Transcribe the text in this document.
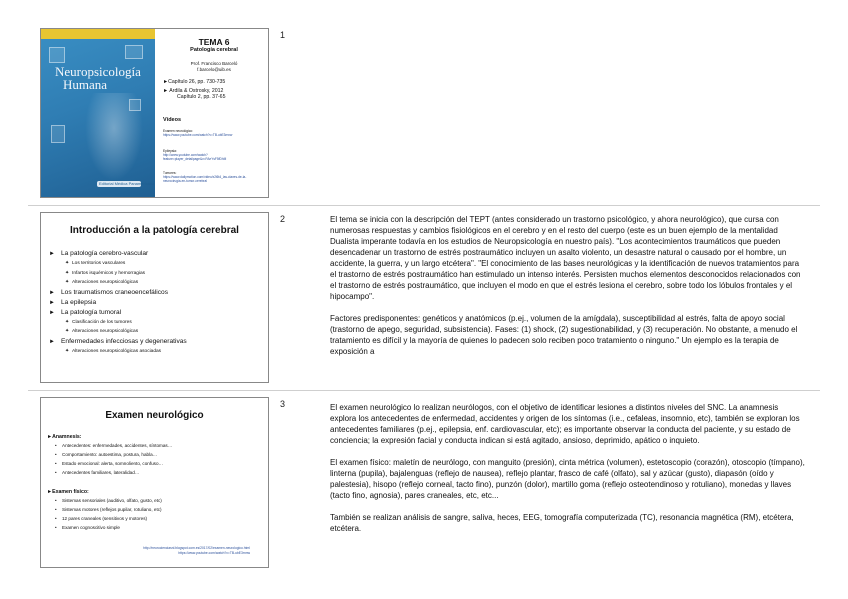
1
2
3
Neuropsicología
Humana
Editorial Médica Panamericana
TEMA 6
Patología cerebral
Prof. Francisco Barceló
f.barcelo@uib.es
►Capítulo 26, pp. 730-735
► Ardila & Ostrosky, 2012
Capítulo 2, pp. 37-65
Vídeos
Examen neurológico:
https://www.youtube.com/watch?v=TB-ubE3rnnw
Epilepsia:
http://www.youtube.com/watch?
feature=player_detailpage&v=FAeYsF5fDhM
Tumores:
https://www.dailymotion.com/video/x2i6t4_las-claves-de-la-
neurocirugia-en-tumor-cerebral
Introducción a la patología cerebral
► La patología cerebro-vascular
✦ Los territorios vasculares
✦ Infartos isquémicos y hemorragias
✦ Alteraciones neuropsicológicas
► Los traumatismos craneoencefálicos
► La epilepsia
► La patología tumoral
✦ Clasificación de los tumores
✦ Alteraciones neuropsicológicas
► Enfermedades infecciosas y degenerativas
✦ Alteraciones neuropsicológicas asociadas
Examen neurológico
►Anamnesis:
• Antecedentes: enfermedades, accidentes, síntomas…
• Comportamiento: autoestima, postura, habla…
• Estado emocional: alerta, somnoliento, confuso…
• Antecedentes familiares, lateralidad…
►Examen físico:
• Sistemas sensoriales (auditivo, olfato, gusto, etc)
• Sistemas motores (reflejos pupilar, rotuliano, etc)
• 12 pares craneales (sensitivos y motores)
• Examen cognoscitivo simple
http://neurocienciasnl.blogspot.com.es/2017/02/examen-neurologico.html
https://www.youtube.com/watch?v=TB-ubE3rnnw

El tema se inicia con la descripción del TEPT (antes considerado un trastorno psicológico, y ahora neurológico), que cursa con numerosas respuestas y cambios fisiológicos en el cerebro y en el resto del cuerpo (este es un buen ejemplo de la mentalidad Dualista imperante todavía en los estudios de Neuropsicología en nuestro país). "Los acontecimientos traumáticos que pueden desencadenar un trastorno de estrés postraumático incluyen un asalto violento, un desastre natural o causado por el hombre, un accidente, la guerra, y un largo etcétera". "El conocimiento de las bases neurológicas y la identificación de nuevos tratamientos para el trastorno de estrés postraumático han estimulado un intenso interés. Persisten muchos elementos desconocidos relacionados con el trastorno de estrés postraumático, que incluyen el modo en que el estrés lesiona el cerebro, sobre todo los lóbulos frontales y el hipocampo".

Factores predisponentes: genéticos y anatómicos (p.ej., volumen de la amígdala), susceptibilidad al estrés, falta de apoyo social (trastorno de apego, seguridad, subsistencia). Fases: (1) shock, (2) sugestionabilidad, y (3) recuperación. No obstante, a menudo el tratamiento es difícil y la mayoría de quienes lo padecen solo reciben poco tratamiento o ninguno." Un ejemplo es la terapia de exposición a

El examen neurológico lo realizan neurólogos, con el objetivo de identificar lesiones a distintos niveles del SNC. La anamnesis explora los antecedentes de enfermedad, accidentes y origen de los síntomas (i.e., cefaleas, insomnio, etc), también se exploran los antecedentes familiares (p.ej., epilepsia, enf. cardiovascular, etc); es importante observar la conducta del paciente, y su estado de conciencia; la expresión facial y conducta indican si está agitado, ansioso, deprimido, apático o inquieto.

El examen físico: maletín de neurólogo, con manguito (presión), cinta métrica (volumen), estetoscopio (corazón), otoscopio (tímpano), linterna (pupila), bajalenguas (reflejo de nausea), reflejo plantar, frasco de café (olfato), sal y azúcar (gusto), diapasón (oído y palestesia), hisopo (reflejo corneal, tacto fino), punzón (dolor), martillo goma (reflejo osteotendinoso y rotuliano), monedas y llaves (tacto fino, agnosia), pares craneales, etc, etc...

También se realizan análisis de sangre, saliva, heces, EEG, tomografía computerizada (TC), resonancia magnética (RM), etcétera, etcétera.
